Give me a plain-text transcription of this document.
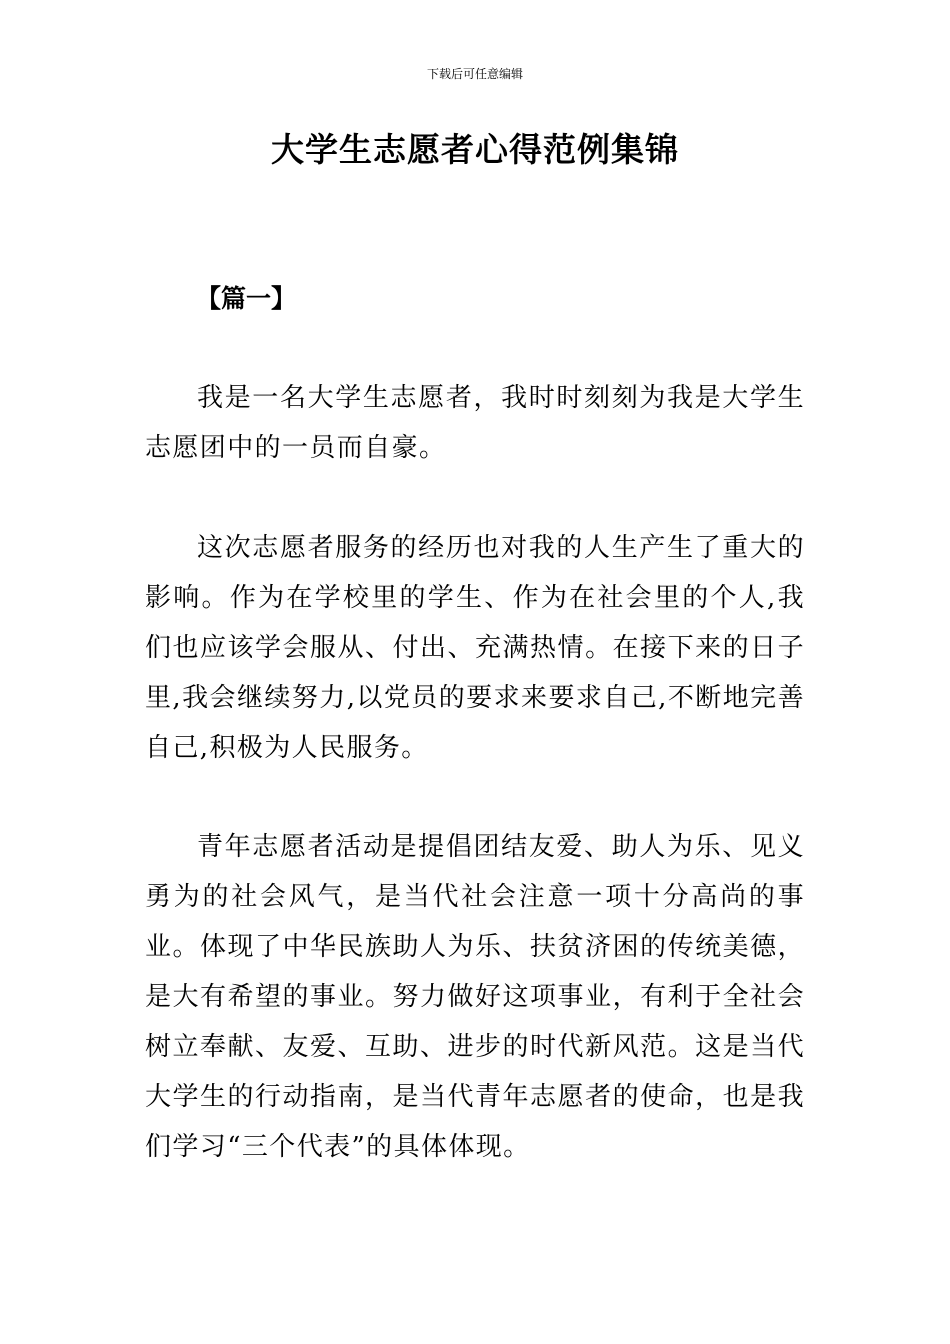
下载后可任意编辑
大学生志愿者心得范例集锦
【篇一】

我是一名大学生志愿者，我时时刻刻为我是大学生志愿团中的一员而自豪。

这次志愿者服务的经历也对我的人生产生了重大的影响。作为在学校里的学生、作为在社会里的个人,我们也应该学会服从、付出、充满热情。在接下来的日子里,我会继续努力,以党员的要求来要求自己,不断地完善自己,积极为人民服务。

青年志愿者活动是提倡团结友爱、助人为乐、见义勇为的社会风气，是当代社会注意一项十分高尚的事业。体现了中华民族助人为乐、扶贫济困的传统美德，是大有希望的事业。努力做好这项事业，有利于全社会树立奉献、友爱、互助、进步的时代新风范。这是当代大学生的行动指南，是当代青年志愿者的使命，也是我们学习“三个代表”的具体体现。
